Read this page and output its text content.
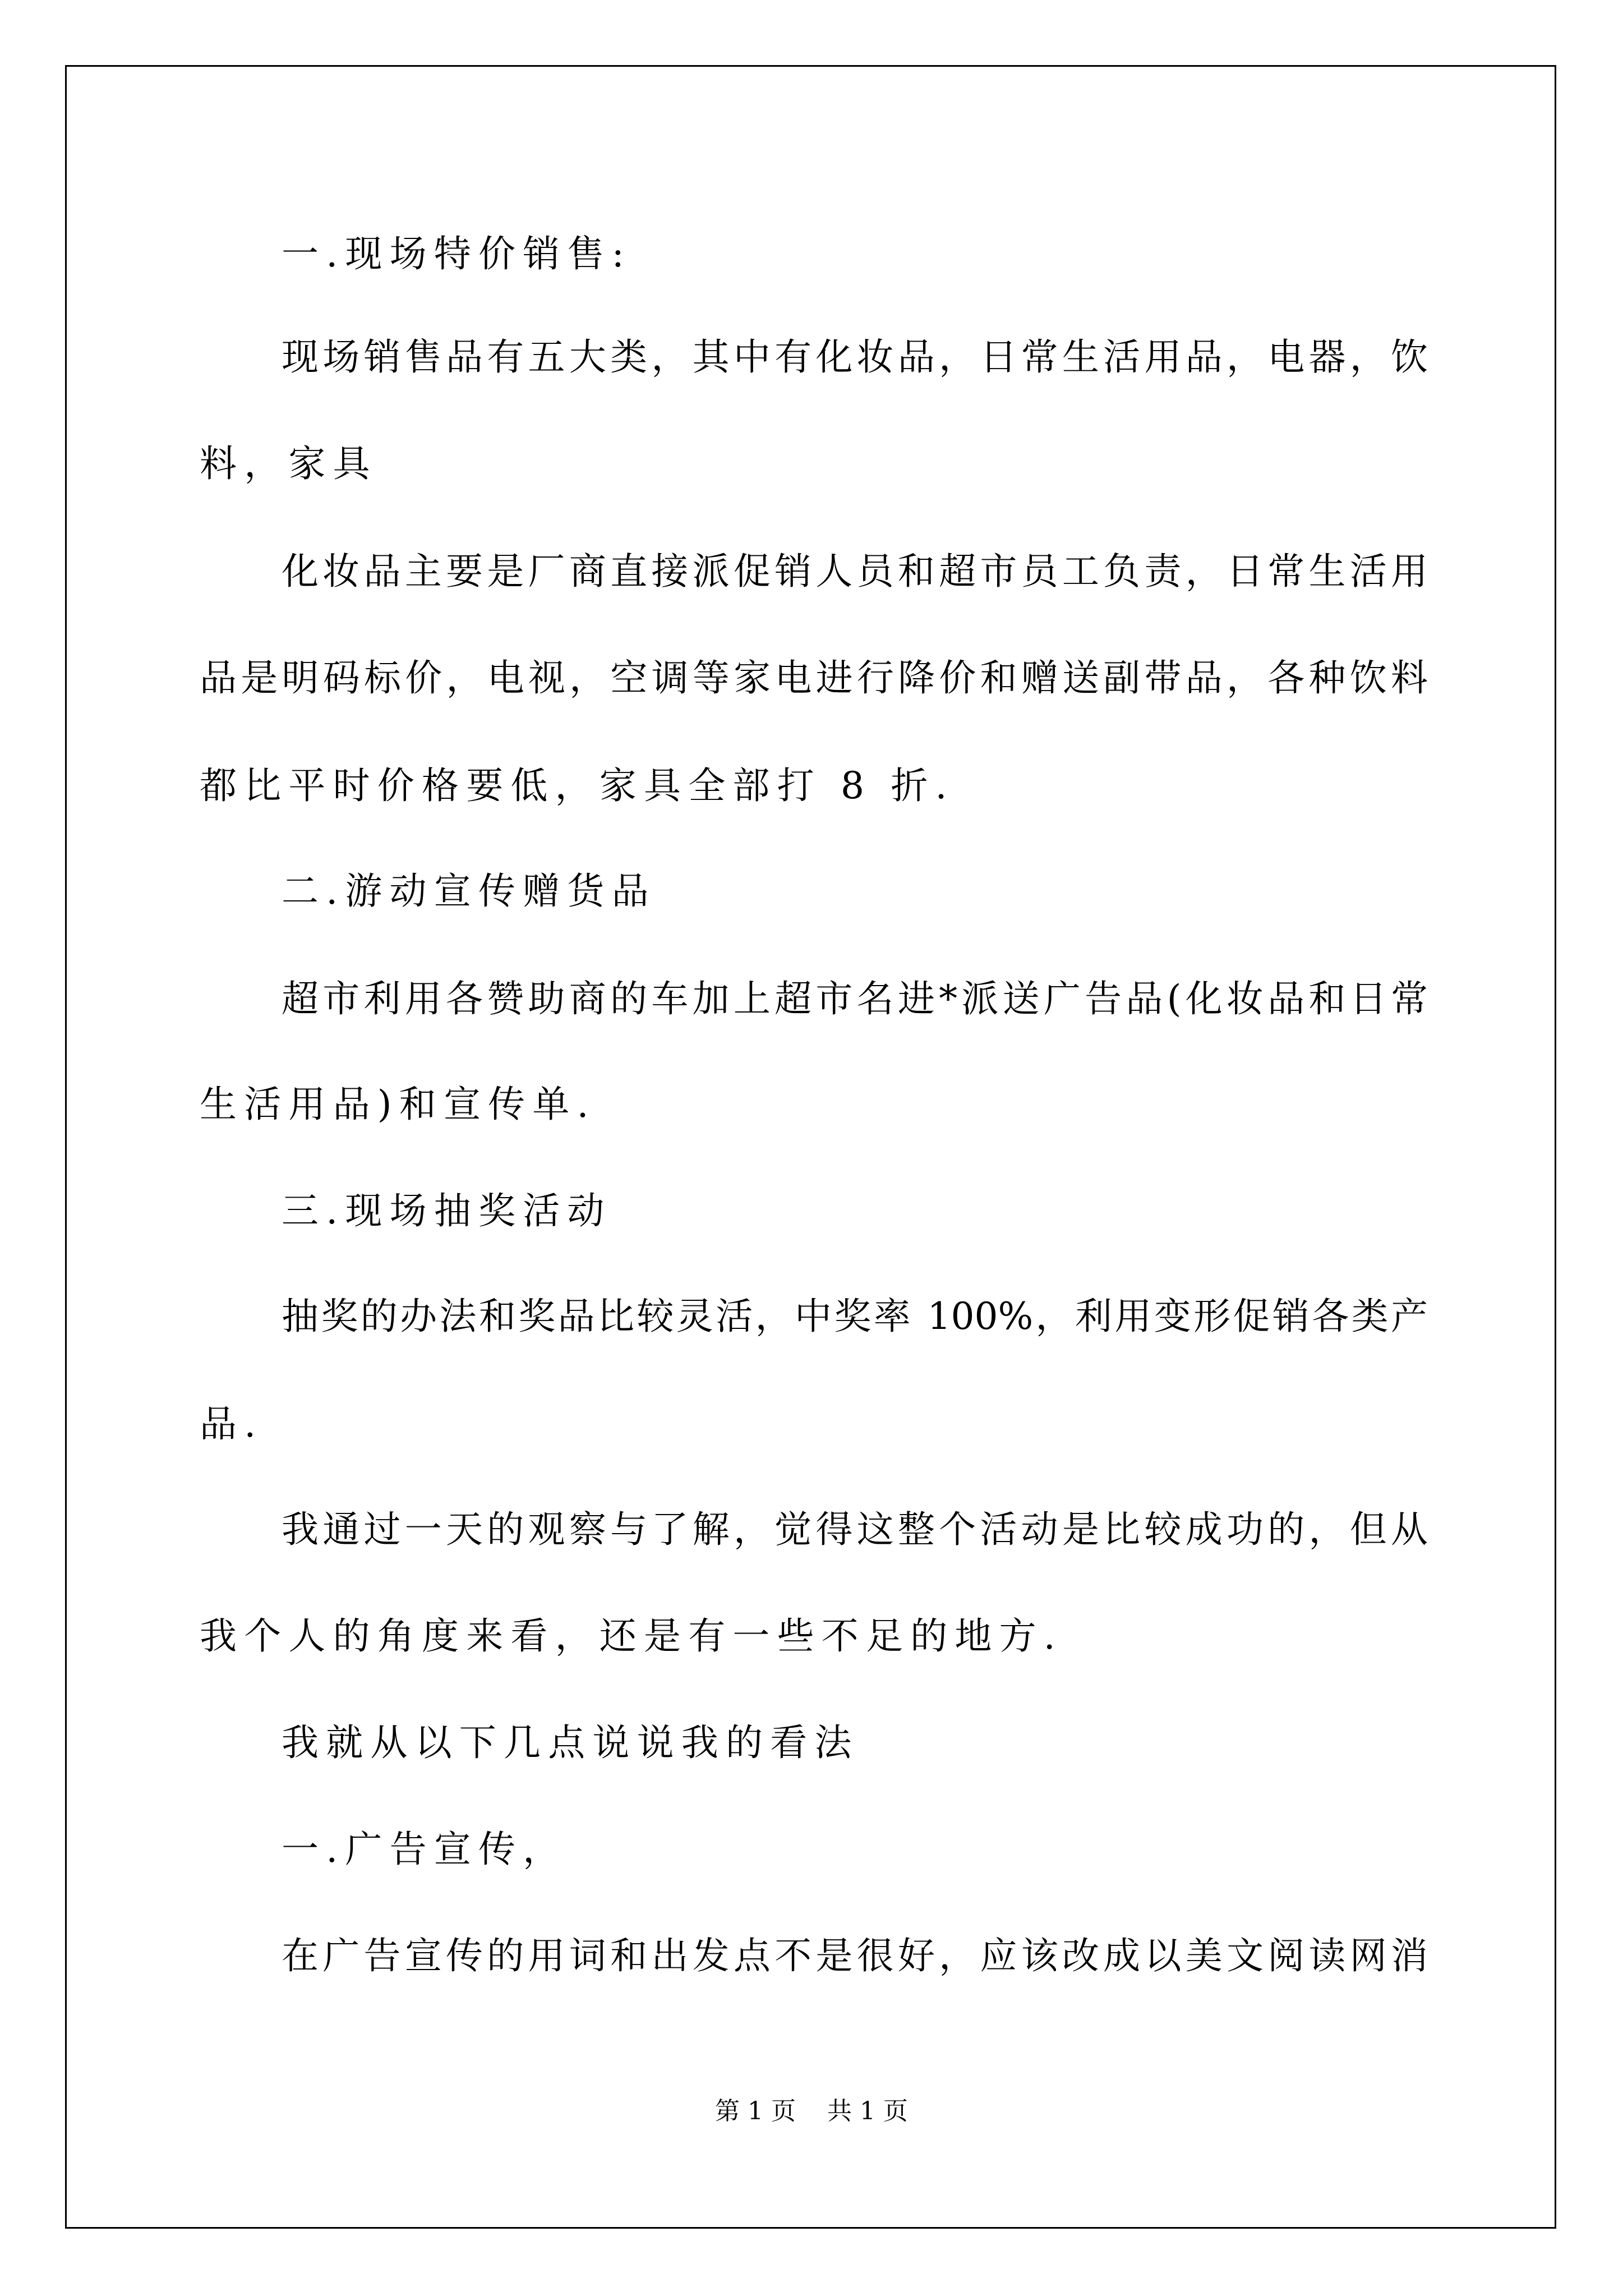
一.现场特价销售:
现场销售品有五大类，其中有化妆品，日常生活用品，电器，饮
料，家具
化妆品主要是厂商直接派促销人员和超市员工负责，日常生活用
品是明码标价，电视，空调等家电进行降价和赠送副带品，各种饮料
都比平时价格要低，家具全部打 8 折.
二.游动宣传赠货品
超市利用各赞助商的车加上超市名进*派送广告品(化妆品和日常
生活用品)和宣传单.
三.现场抽奖活动
抽奖的办法和奖品比较灵活，中奖率 100%，利用变形促销各类产
品.
我通过一天的观察与了解，觉得这整个活动是比较成功的，但从
我个人的角度来看，还是有一些不足的地方.
我就从以下几点说说我的看法
一.广告宣传，
在广告宣传的用词和出发点不是很好，应该改成以美文阅读网消
第 1 页    共 1 页
